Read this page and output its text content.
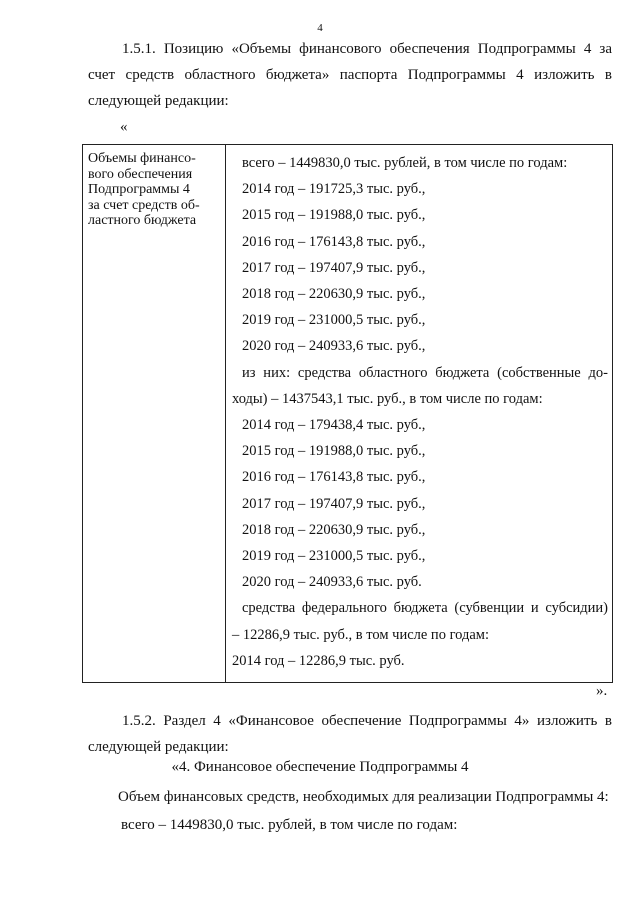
4
1.5.1. Позицию «Объемы финансового обеспечения Подпрограммы 4 за счет средств областного бюджета» паспорта Подпрограммы 4 изложить в следующей редакции:
«
Объемы финансо-
вого обеспечения
Подпрограммы 4
за счет средств об-
ластного бюджета

всего – 1449830,0 тыс. рублей, в том числе по годам:
2014 год – 191725,3 тыс. руб.,
2015 год – 191988,0 тыс. руб.,
2016 год – 176143,8 тыс. руб.,
2017 год – 197407,9 тыс. руб.,
2018 год – 220630,9 тыс. руб.,
2019 год – 231000,5 тыс. руб.,
2020 год – 240933,6 тыс. руб.,
из них: средства областного бюджета (собственные до-
ходы) – 1437543,1 тыс. руб., в том числе по годам:
2014 год – 179438,4 тыс. руб.,
2015 год – 191988,0 тыс. руб.,
2016 год – 176143,8 тыс. руб.,
2017 год – 197407,9 тыс. руб.,
2018 год – 220630,9 тыс. руб.,
2019 год – 231000,5 тыс. руб.,
2020 год – 240933,6 тыс. руб.
средства федерального бюджета (субвенции и субсидии)
– 12286,9 тыс. руб., в том числе по годам:
2014 год – 12286,9 тыс. руб.
».
1.5.2. Раздел 4 «Финансовое обеспечение Подпрограммы 4» изложить в следующей редакции:
«4. Финансовое обеспечение Подпрограммы 4
Объем финансовых средств, необходимых для реализации Подпрограммы 4:
всего – 1449830,0 тыс. рублей, в том числе по годам:
